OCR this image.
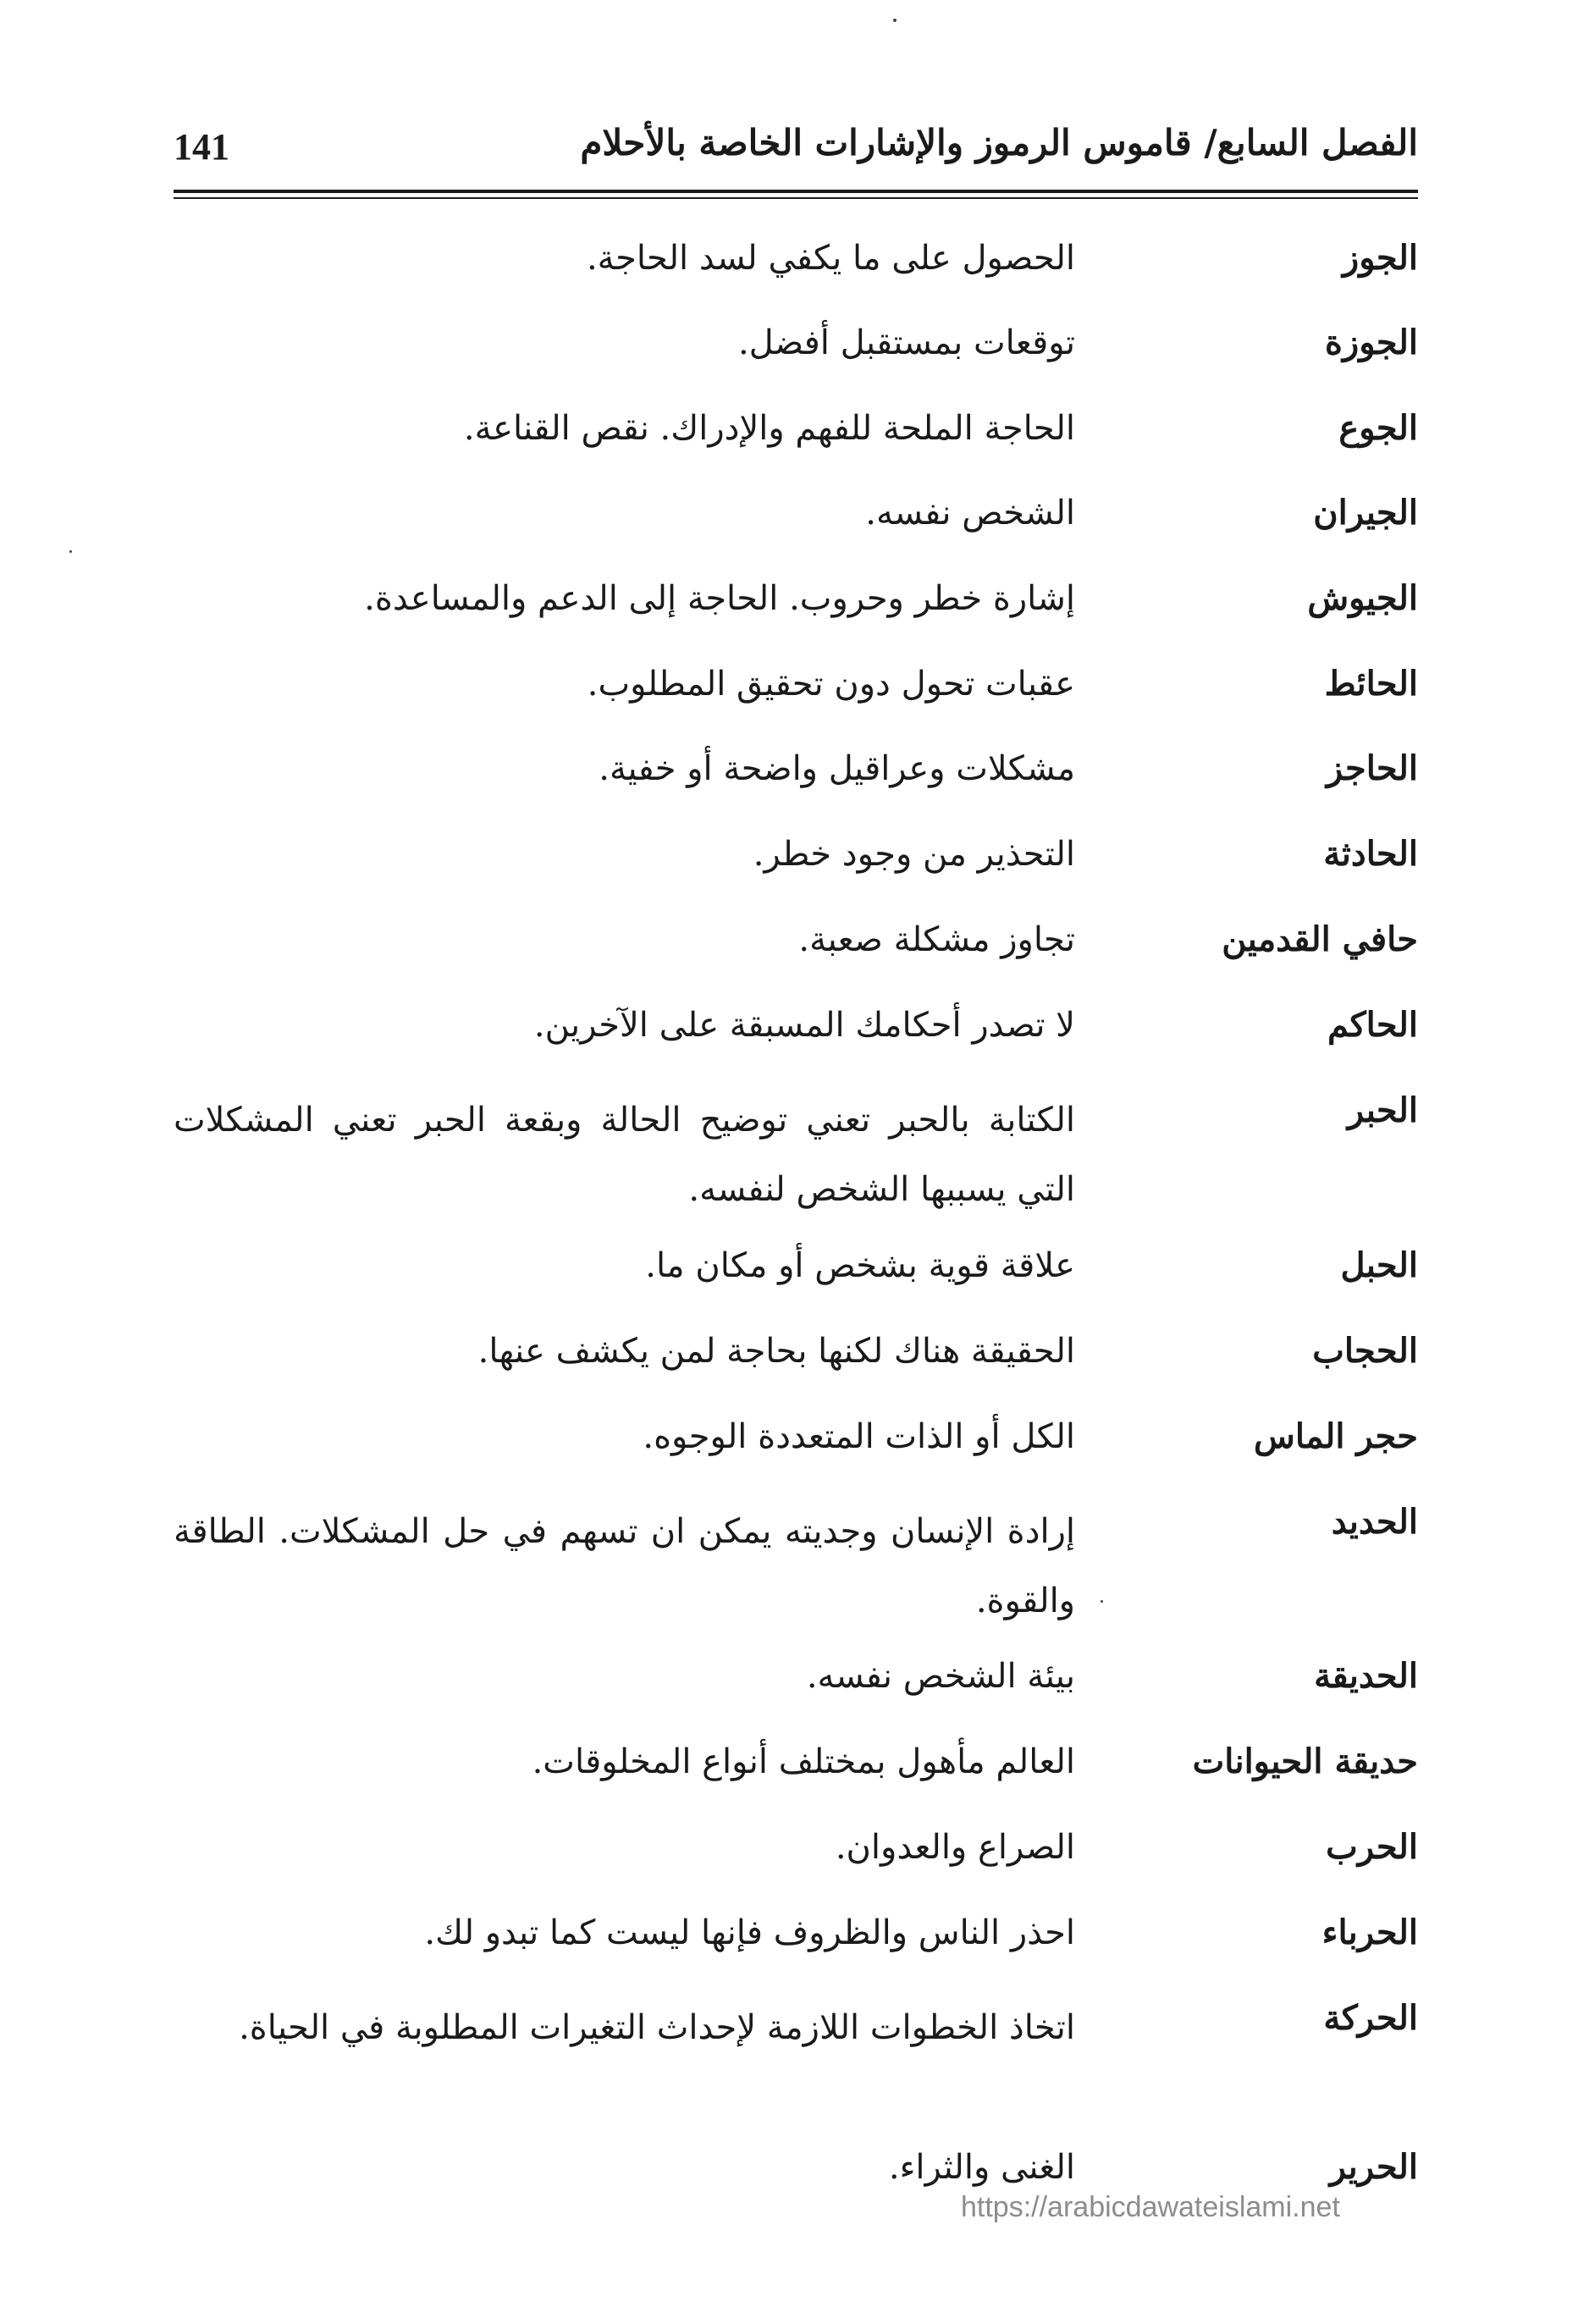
141	الفصل السابع/ قاموس الرموز والإشارات الخاصة بالأحلام
الجوز
الحصول على ما يكفي لسد الحاجة.
الجوزة
توقعات بمستقبل أفضل.
الجوع
الحاجة الملحة للفهم والإدراك. نقص القناعة.
الجيران
الشخص نفسه.
الجيوش
إشارة خطر وحروب. الحاجة إلى الدعم والمساعدة.
الحائط
عقبات تحول دون تحقيق المطلوب.
الحاجز
مشكلات وعراقيل واضحة أو خفية.
الحادثة
التحذير من وجود خطر.
حافي القدمين
تجاوز مشكلة صعبة.
الحاكم
لا تصدر أحكامك المسبقة على الآخرين.
الحبر
الكتابة بالحبر تعني توضيح الحالة وبقعة الحبر تعني المشكلات التي يسببها الشخص لنفسه.
الحبل
علاقة قوية بشخص أو مكان ما.
الحجاب
الحقيقة هناك لكنها بحاجة لمن يكشف عنها.
حجر الماس
الكل أو الذات المتعددة الوجوه.
الحديد
إرادة الإنسان وجديته يمكن ان تسهم في حل المشكلات. الطاقة والقوة.
الحديقة
بيئة الشخص نفسه.
حديقة الحيوانات
العالم مأهول بمختلف أنواع المخلوقات.
الحرب
الصراع والعدوان.
الحرباء
احذر الناس والظروف فإنها ليست كما تبدو لك.
الحركة
اتخاذ الخطوات اللازمة لإحداث التغيرات المطلوبة في الحياة.
الحرير
الغنى والثراء.
https://arabicdawateislami.net
